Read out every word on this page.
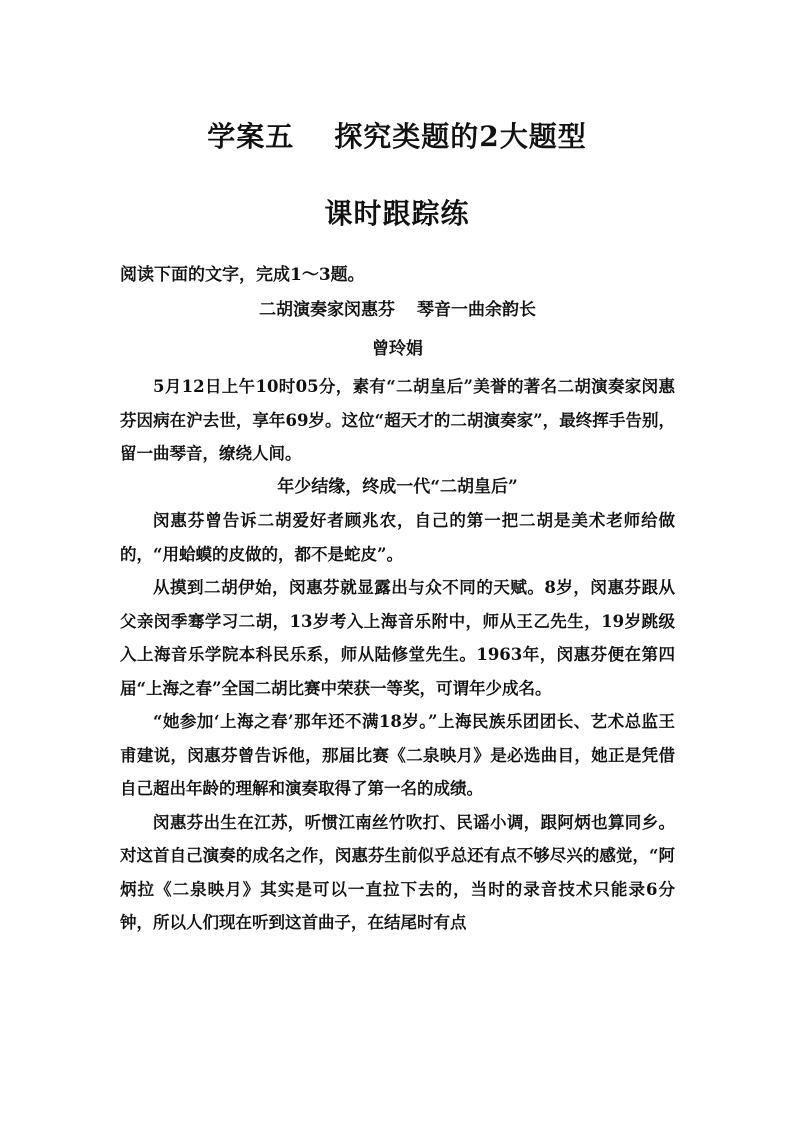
学案五 探究类题的2大题型
课时跟踪练
阅读下面的文字，完成1～3题。
二胡演奏家闵惠芬 琴音一曲余韵长
曾玲娟

5月12日上午10时05分，素有“二胡皇后”美誉的著名二胡演奏家闵惠芬因病在沪去世，享年69岁。这位“超天才的二胡演奏家”，最终挥手告别，留一曲琴音，缭绕人间。

年少结缘，终成一代“二胡皇后”

闵惠芬曾告诉二胡爱好者顾兆农，自己的第一把二胡是美术老师给做的，“用蛤蟆的皮做的，都不是蛇皮”。

从摸到二胡伊始，闵惠芬就显露出与众不同的天赋。8岁，闵惠芬跟从父亲闵季骞学习二胡，13岁考入上海音乐附中，师从王乙先生，19岁跳级入上海音乐学院本科民乐系，师从陆修堂先生。1963年，闵惠芬便在第四届“上海之春”全国二胡比赛中荣获一等奖，可谓年少成名。

“她参加‘上海之春’那年还不满18岁。”上海民族乐团团长、艺术总监王甫建说，闵惠芬曾告诉他，那届比赛《二泉映月》是必选曲目，她正是凭借自己超出年龄的理解和演奏取得了第一名的成绩。

闵惠芬出生在江苏，听惯江南丝竹吹打、民谣小调，跟阿炳也算同乡。对这首自己演奏的成名之作，闵惠芬生前似乎总还有点不够尽兴的感觉，“阿炳拉《二泉映月》其实是可以一直拉下去的，当时的录音技术只能录6分钟，所以人们现在听到这首曲子，在结尾时有点
